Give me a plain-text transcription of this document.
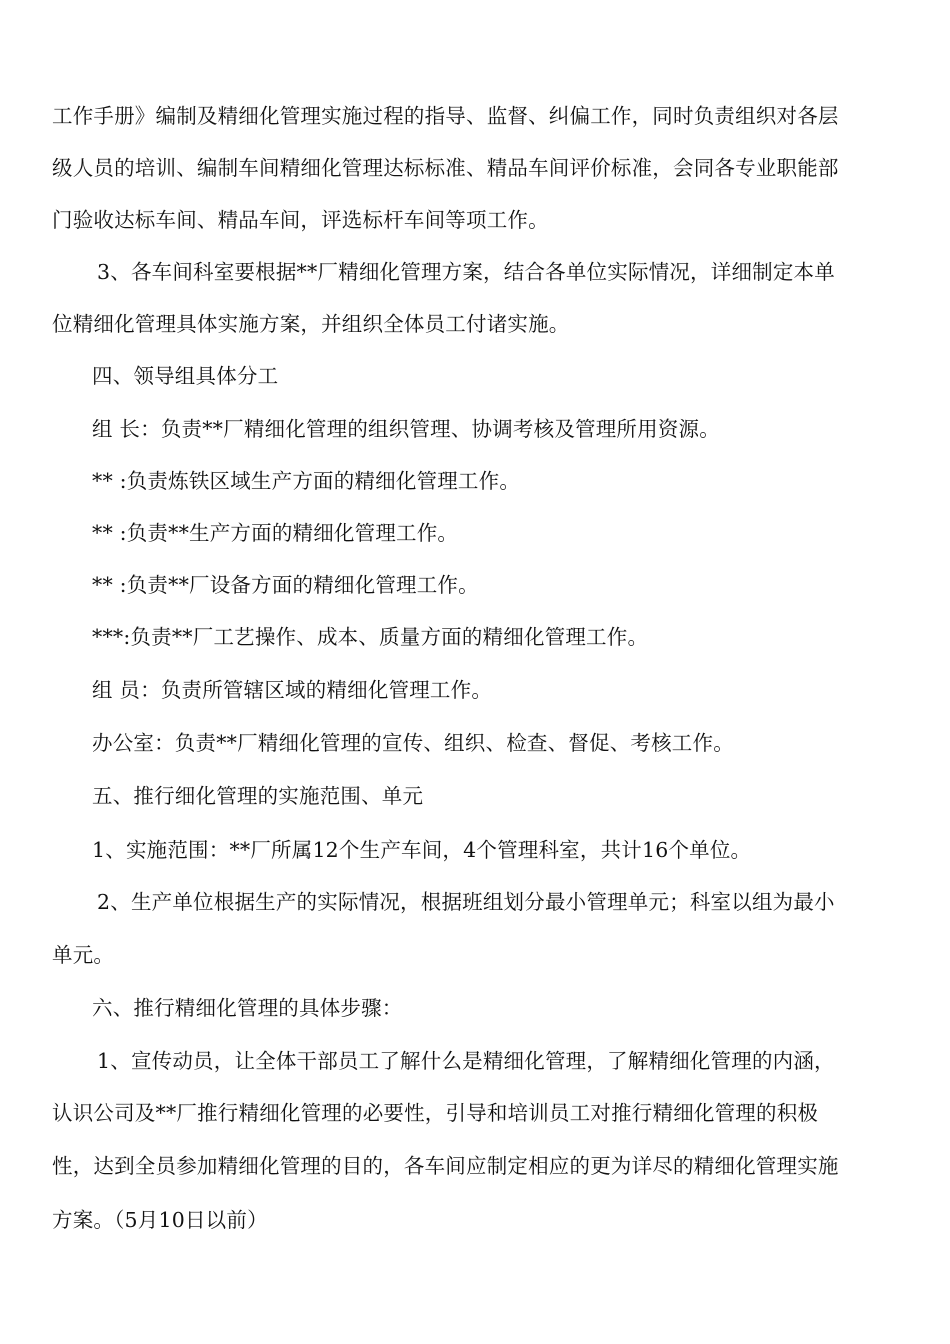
工作手册》编制及精细化管理实施过程的指导、监督、纠偏工作，同时负责组织对各层
级人员的培训、编制车间精细化管理达标标准、精品车间评价标准，会同各专业职能部
门验收达标车间、精品车间，评选标杆车间等项工作。
3、各车间科室要根据**厂精细化管理方案，结合各单位实际情况，详细制定本单
位精细化管理具体实施方案，并组织全体员工付诸实施。
四、领导组具体分工
组 长：负责**厂精细化管理的组织管理、协调考核及管理所用资源。
** :负责炼铁区域生产方面的精细化管理工作。
** :负责**生产方面的精细化管理工作。
** :负责**厂设备方面的精细化管理工作。
***:负责**厂工艺操作、成本、质量方面的精细化管理工作。
组 员：负责所管辖区域的精细化管理工作。
办公室：负责**厂精细化管理的宣传、组织、检查、督促、考核工作。
五、推行细化管理的实施范围、单元
1、实施范围：**厂所属12个生产车间，4个管理科室，共计16个单位。
2、生产单位根据生产的实际情况，根据班组划分最小管理单元；科室以组为最小
单元。
六、推行精细化管理的具体步骤：
1、宣传动员，让全体干部员工了解什么是精细化管理，了解精细化管理的内涵，
认识公司及**厂推行精细化管理的必要性，引导和培训员工对推行精细化管理的积极
性，达到全员参加精细化管理的目的，各车间应制定相应的更为详尽的精细化管理实施
方案。（5月10日以前）
